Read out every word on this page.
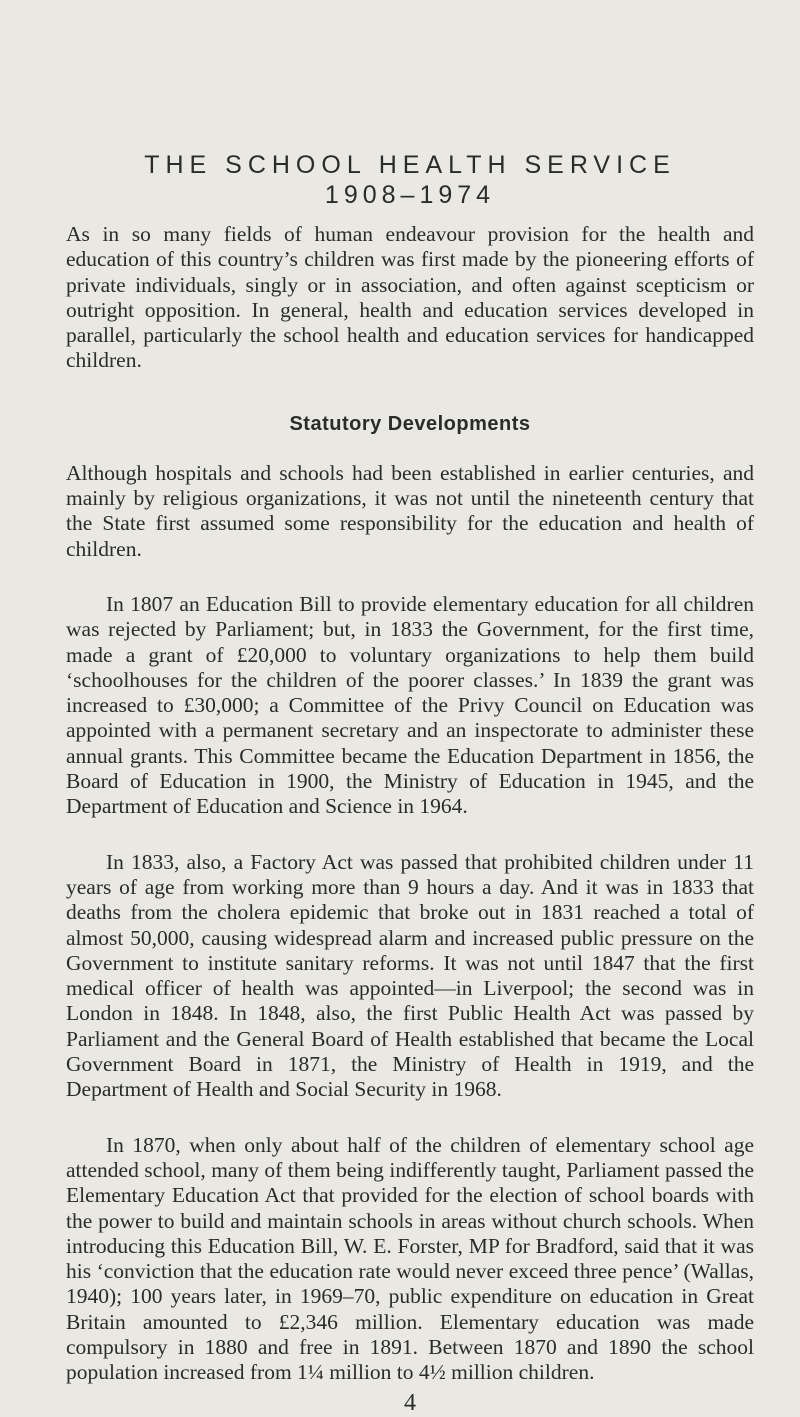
THE SCHOOL HEALTH SERVICE
1908–1974

As in so many fields of human endeavour provision for the health and education of this country’s children was first made by the pioneering efforts of private individuals, singly or in association, and often against scepticism or outright opposition. In general, health and education services developed in parallel, particularly the school health and education services for handicapped children.

Statutory Developments

Although hospitals and schools had been established in earlier centuries, and mainly by religious organizations, it was not until the nineteenth century that the State first assumed some responsibility for the education and health of children.

In 1807 an Education Bill to provide elementary education for all children was rejected by Parliament; but, in 1833 the Government, for the first time, made a grant of £20,000 to voluntary organizations to help them build ‘schoolhouses for the children of the poorer classes.’ In 1839 the grant was increased to £30,000; a Committee of the Privy Council on Education was appointed with a permanent secretary and an inspectorate to administer these annual grants. This Committee became the Education Department in 1856, the Board of Education in 1900, the Ministry of Education in 1945, and the Department of Education and Science in 1964.

In 1833, also, a Factory Act was passed that prohibited children under 11 years of age from working more than 9 hours a day. And it was in 1833 that deaths from the cholera epidemic that broke out in 1831 reached a total of almost 50,000, causing widespread alarm and increased public pressure on the Government to institute sanitary reforms. It was not until 1847 that the first medical officer of health was appointed—in Liverpool; the second was in London in 1848. In 1848, also, the first Public Health Act was passed by Parliament and the General Board of Health established that became the Local Government Board in 1871, the Ministry of Health in 1919, and the Department of Health and Social Security in 1968.

In 1870, when only about half of the children of elementary school age attended school, many of them being indifferently taught, Parliament passed the Elementary Education Act that provided for the election of school boards with the power to build and maintain schools in areas without church schools. When introducing this Education Bill, W. E. Forster, MP for Bradford, said that it was his ‘conviction that the education rate would never exceed three pence’ (Wallas, 1940); 100 years later, in 1969–70, public expenditure on education in Great Britain amounted to £2,346 million. Elementary education was made compulsory in 1880 and free in 1891. Between 1870 and 1890 the school population increased from 1¼ million to 4½ million children.

4
